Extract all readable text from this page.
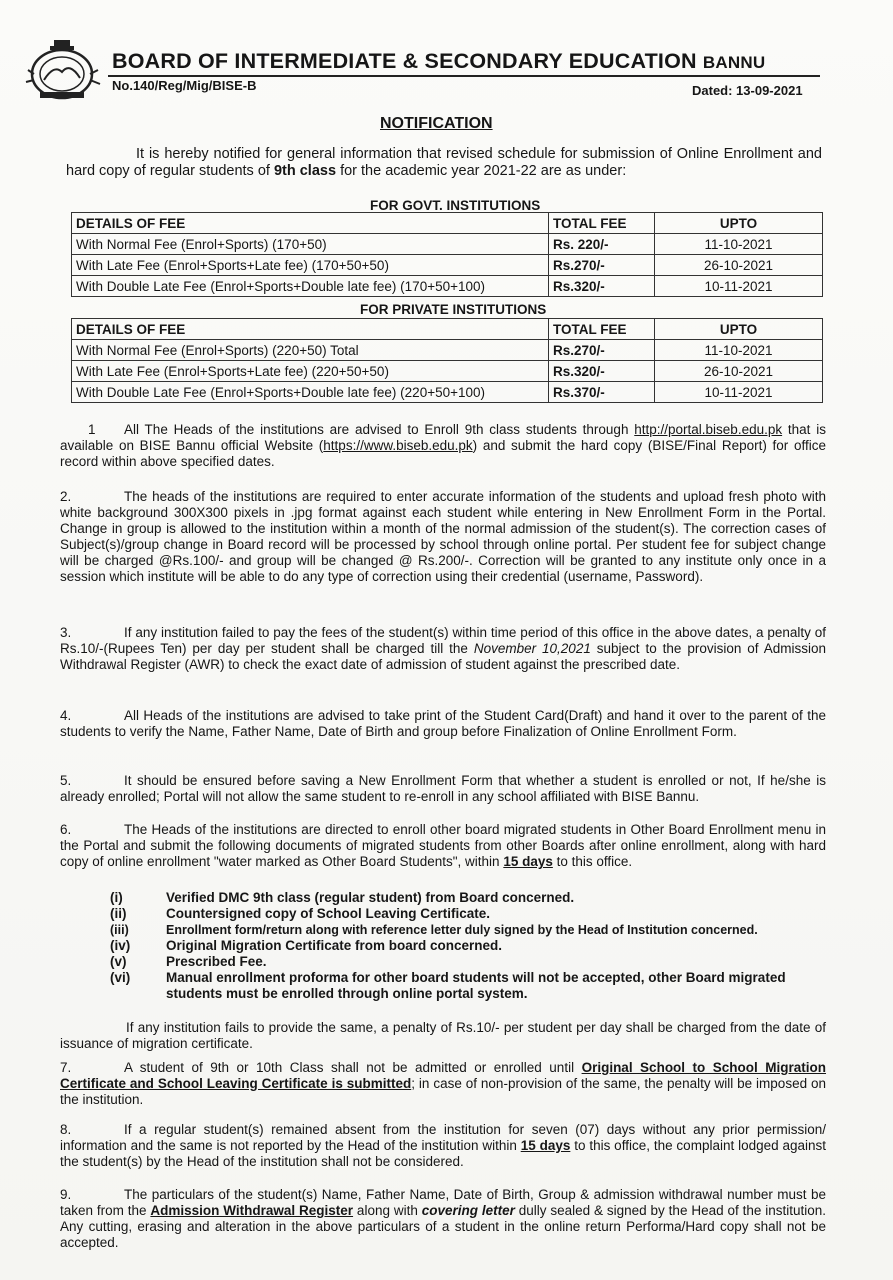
BOARD OF INTERMEDIATE & SECONDARY EDUCATION BANNU
No.140/Reg/Mig/BISE-B	Dated: 13-09-2021
NOTIFICATION
It is hereby notified for general information that revised schedule for submission of Online Enrollment and hard copy of regular students of 9th class for the academic year 2021-22 are as under:
FOR GOVT. INSTITUTIONS
DETAILS OF FEE	TOTAL FEE	UPTO
With Normal Fee (Enrol+Sports) (170+50)	Rs. 220/-	11-10-2021
With Late Fee (Enrol+Sports+Late fee) (170+50+50)	Rs.270/-	26-10-2021
With Double Late Fee (Enrol+Sports+Double late fee) (170+50+100)	Rs.320/-	10-11-2021
FOR PRIVATE INSTITUTIONS
DETAILS OF FEE	TOTAL FEE	UPTO
With Normal Fee (Enrol+Sports) (220+50) Total	Rs.270/-	11-10-2021
With Late Fee (Enrol+Sports+Late fee) (220+50+50)	Rs.320/-	26-10-2021
With Double Late Fee (Enrol+Sports+Double late fee) (220+50+100)	Rs.370/-	10-11-2021
1 All The Heads of the institutions are advised to Enroll 9th class students through http://portal.biseb.edu.pk that is available on BISE Bannu official Website (https://www.biseb.edu.pk) and submit the hard copy (BISE/Final Report) for office record within above specified dates.
2.	The heads of the institutions are required to enter accurate information of the students and upload fresh photo with white background 300X300 pixels in .jpg format against each student while entering in New Enrollment Form in the Portal. Change in group is allowed to the institution within a month of the normal admission of the student(s). The correction cases of Subject(s)/group change in Board record will be processed by school through online portal. Per student fee for subject change will be charged @Rs.100/- and group will be changed @ Rs.200/-. Correction will be granted to any institute only once in a session which institute will be able to do any type of correction using their credential (username, Password).
3.	If any institution failed to pay the fees of the student(s) within time period of this office in the above dates, a penalty of Rs.10/-(Rupees Ten) per day per student shall be charged till the November 10,2021 subject to the provision of Admission Withdrawal Register (AWR) to check the exact date of admission of student against the prescribed date.
4.	All Heads of the institutions are advised to take print of the Student Card(Draft) and hand it over to the parent of the students to verify the Name, Father Name, Date of Birth and group before Finalization of Online Enrollment Form.
5.	It should be ensured before saving a New Enrollment Form that whether a student is enrolled or not, If he/she is already enrolled; Portal will not allow the same student to re-enroll in any school affiliated with BISE Bannu.
6.	The Heads of the institutions are directed to enroll other board migrated students in Other Board Enrollment menu in the Portal and submit the following documents of migrated students from other Boards after online enrollment, along with hard copy of online enrollment "water marked as Other Board Students", within 15 days to this office.
(i)	Verified DMC 9th class (regular student) from Board concerned.
(ii)	Countersigned copy of School Leaving Certificate.
(iii)	Enrollment form/return along with reference letter duly signed by the Head of Institution concerned.
(iv)	Original Migration Certificate from board concerned.
(v)	Prescribed Fee.
(vi)	Manual enrollment proforma for other board students will not be accepted, other Board migrated students must be enrolled through online portal system.
If any institution fails to provide the same, a penalty of Rs.10/- per student per day shall be charged from the date of issuance of migration certificate.
7.	A student of 9th or 10th Class shall not be admitted or enrolled until Original School to School Migration Certificate and School Leaving Certificate is submitted; in case of non-provision of the same, the penalty will be imposed on the institution.
8.	If a regular student(s) remained absent from the institution for seven (07) days without any prior permission/ information and the same is not reported by the Head of the institution within 15 days to this office, the complaint lodged against the student(s) by the Head of the institution shall not be considered.
9.	The particulars of the student(s) Name, Father Name, Date of Birth, Group & admission withdrawal number must be taken from the Admission Withdrawal Register along with covering letter dully sealed & signed by the Head of the institution. Any cutting, erasing and alteration in the above particulars of a student in the online return Performa/Hard copy shall not be accepted.
